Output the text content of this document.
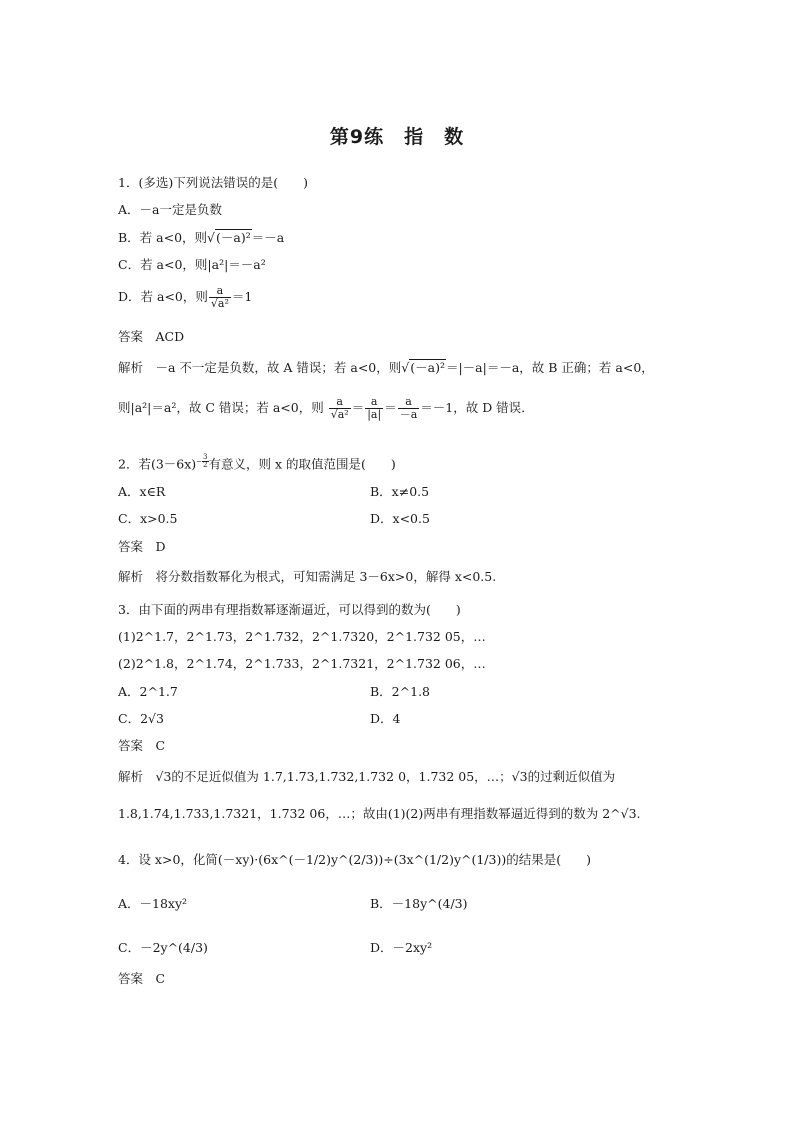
第9练　指　数
1．(多选)下列说法错误的是(　　)
A．－a一定是负数
B．若 a<0，则√(－a)²＝－a
C．若 a<0，则|a²|＝－a²
D．若 a<0，则 $\frac{a}{\text{√a²}} =1$
答案　ACD
解析　－a 不一定是负数，故 A 错误；若 a<0，则√(－a)²＝|－a|＝－a，故 B 正确；若 a<0，
则|a²|＝a²，故 C 错误；若 a<0，则 $\frac{a}{\text{√a²}} = \frac{a}{|a|} = \frac{a}{-a} =-1$，故 D 错误．
2．若$(3-6x)- \frac{3}{2}$ 有意义，则 x 的取值范围是(　　)
A．x∈R	B．x≠0.5
C．x>0.5	D．x<0.5
答案　D
解析　将分数指数幂化为根式，可知需满足 3－6x>0，解得 x<0.5.
3．由下面的两串有理指数幂逐渐逼近，可以得到的数为(　　)
(1)2^1.7，2^1.73，2^1.732，2^1.7320，2^1.732 05，…
(2)2^1.8，2^1.74，2^1.733，2^1.7321，2^1.732 06，…
A．2^1.7	B．2^1.8
C．2√3	D．4
答案　C
解析　√3的不足近似值为 1.7,1.73,1.732,1.732 0，1.732 05，…；√3的过剩近似值为
1.8,1.74,1.733,1.7321，1.732 06，…；故由(1)(2)两串有理指数幂逼近得到的数为 2^√3.
4．设 x>0，化简(－xy)·(6x^(－1/2)y^(2/3))÷(3x^(1/2)y^(1/3))的结果是(　　)
A．－18xy²	B．－18y^(4/3)
C．－2y^(4/3)	D．－2xy²
答案　C
